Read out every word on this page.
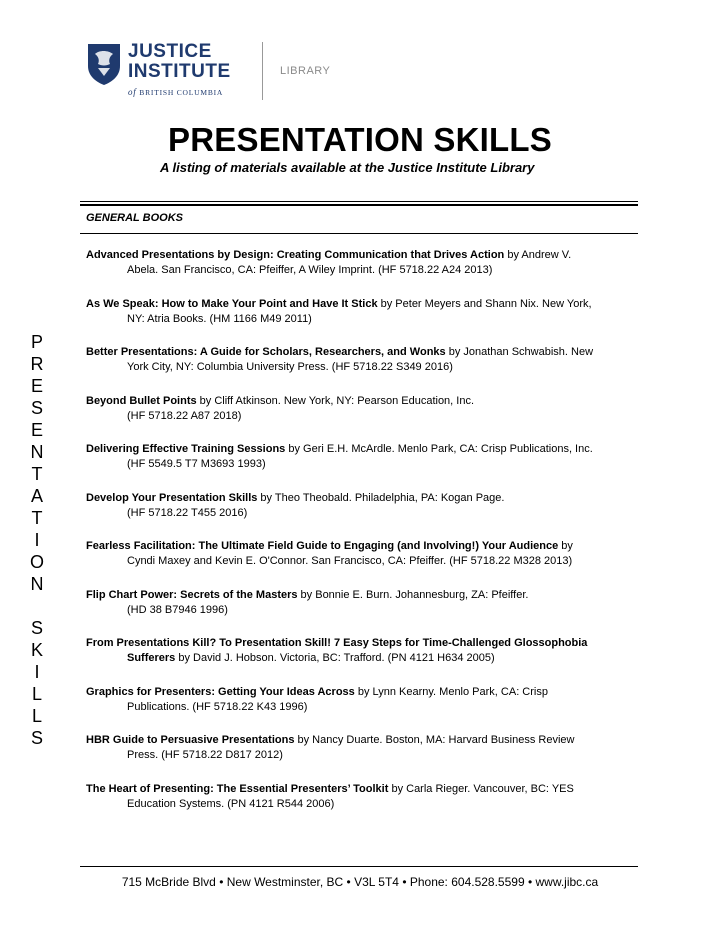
JUSTICE
INSTITUTE
of BRITISH COLUMBIA
LIBRARY
PRESENTATION SKILLS
A listing of materials available at the Justice Institute Library
GENERAL BOOKS
P
R
E
S
E
N
T
A
T
I
O
N

S
K
I
L
L
S
Advanced Presentations by Design: Creating Communication that Drives Action by Andrew V.
Abela. San Francisco, CA: Pfeiffer, A Wiley Imprint. (HF 5718.22 A24 2013)
As We Speak: How to Make Your Point and Have It Stick by Peter Meyers and Shann Nix. New York,
NY: Atria Books. (HM 1166 M49 2011)
Better Presentations: A Guide for Scholars, Researchers, and Wonks by Jonathan Schwabish. New
York City, NY: Columbia University Press. (HF 5718.22 S349 2016)
Beyond Bullet Points by Cliff Atkinson. New York, NY: Pearson Education, Inc.
(HF 5718.22 A87 2018)
Delivering Effective Training Sessions by Geri E.H. McArdle. Menlo Park, CA: Crisp Publications, Inc.
(HF 5549.5 T7 M3693 1993)
Develop Your Presentation Skills by Theo Theobald. Philadelphia, PA: Kogan Page.
(HF 5718.22 T455 2016)
Fearless Facilitation: The Ultimate Field Guide to Engaging (and Involving!) Your Audience by
Cyndi Maxey and Kevin E. O'Connor. San Francisco, CA: Pfeiffer. (HF 5718.22 M328 2013)
Flip Chart Power: Secrets of the Masters by Bonnie E. Burn. Johannesburg, ZA: Pfeiffer.
(HD 38 B7946 1996)
From Presentations Kill? To Presentation Skill! 7 Easy Steps for Time-Challenged Glossophobia
Sufferers by David J. Hobson. Victoria, BC: Trafford. (PN 4121 H634 2005)
Graphics for Presenters: Getting Your Ideas Across by Lynn Kearny. Menlo Park, CA: Crisp
Publications. (HF 5718.22 K43 1996)
HBR Guide to Persuasive Presentations by Nancy Duarte. Boston, MA: Harvard Business Review
Press. (HF 5718.22 D817 2012)
The Heart of Presenting: The Essential Presenters’ Toolkit by Carla Rieger. Vancouver, BC: YES
Education Systems. (PN 4121 R544 2006)
715 McBride Blvd • New Westminster, BC • V3L 5T4 • Phone: 604.528.5599 • www.jibc.ca
